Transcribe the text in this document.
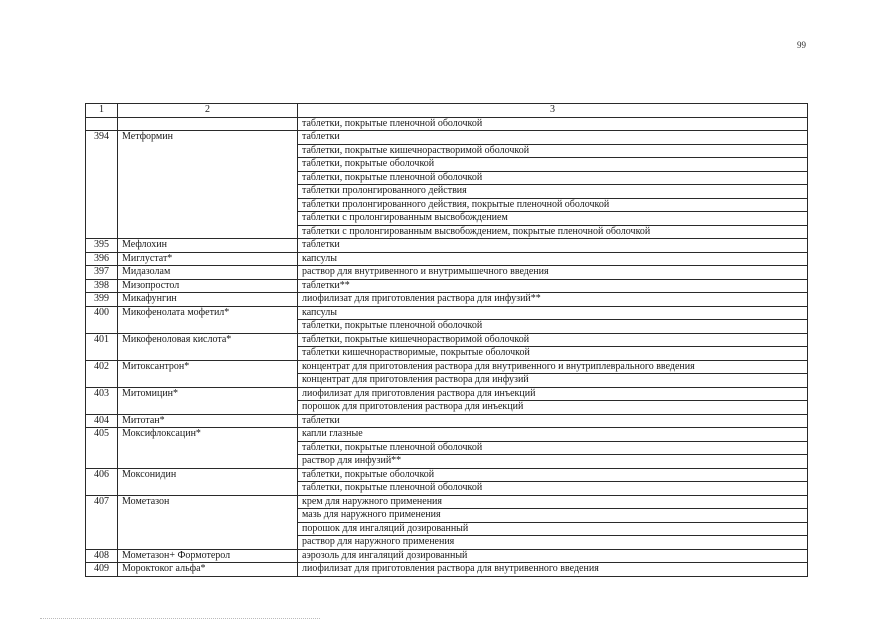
99
1	2	3
		таблетки, покрытые пленочной оболочкой
394	Метформин	таблетки
		таблетки, покрытые кишечнорастворимой оболочкой
		таблетки, покрытые оболочкой
		таблетки, покрытые пленочной оболочкой
		таблетки пролонгированного действия
		таблетки пролонгированного действия, покрытые пленочной оболочкой
		таблетки с пролонгированным высвобождением
		таблетки с пролонгированным высвобождением, покрытые пленочной оболочкой
395	Мефлохин	таблетки
396	Миглустат*	капсулы
397	Мидазолам	раствор для внутривенного и внутримышечного введения
398	Мизопростол	таблетки**
399	Микафунгин	лиофилизат для приготовления раствора для инфузий**
400	Микофенолата мофетил*	капсулы
		таблетки, покрытые пленочной оболочкой
401	Микофеноловая кислота*	таблетки, покрытые кишечнорастворимой оболочкой
		таблетки кишечнорастворимые, покрытые оболочкой
402	Митоксантрон*	концентрат для приготовления раствора для внутривенного и внутриплеврального введения
		концентрат для приготовления раствора для инфузий
403	Митомицин*	лиофилизат для приготовления раствора для инъекций
		порошок для приготовления раствора для инъекций
404	Митотан*	таблетки
405	Моксифлоксацин*	капли глазные
		таблетки, покрытые пленочной оболочкой
		раствор для инфузий**
406	Моксонидин	таблетки, покрытые оболочкой
		таблетки, покрытые пленочной оболочкой
407	Мометазон	крем для наружного применения
		мазь для наружного применения
		порошок для ингаляций дозированный
		раствор для наружного применения
408	Мометазон+ Формотерол	аэрозоль для ингаляций дозированный
409	Мороктоког альфа*	лиофилизат для приготовления раствора для внутривенного введения
